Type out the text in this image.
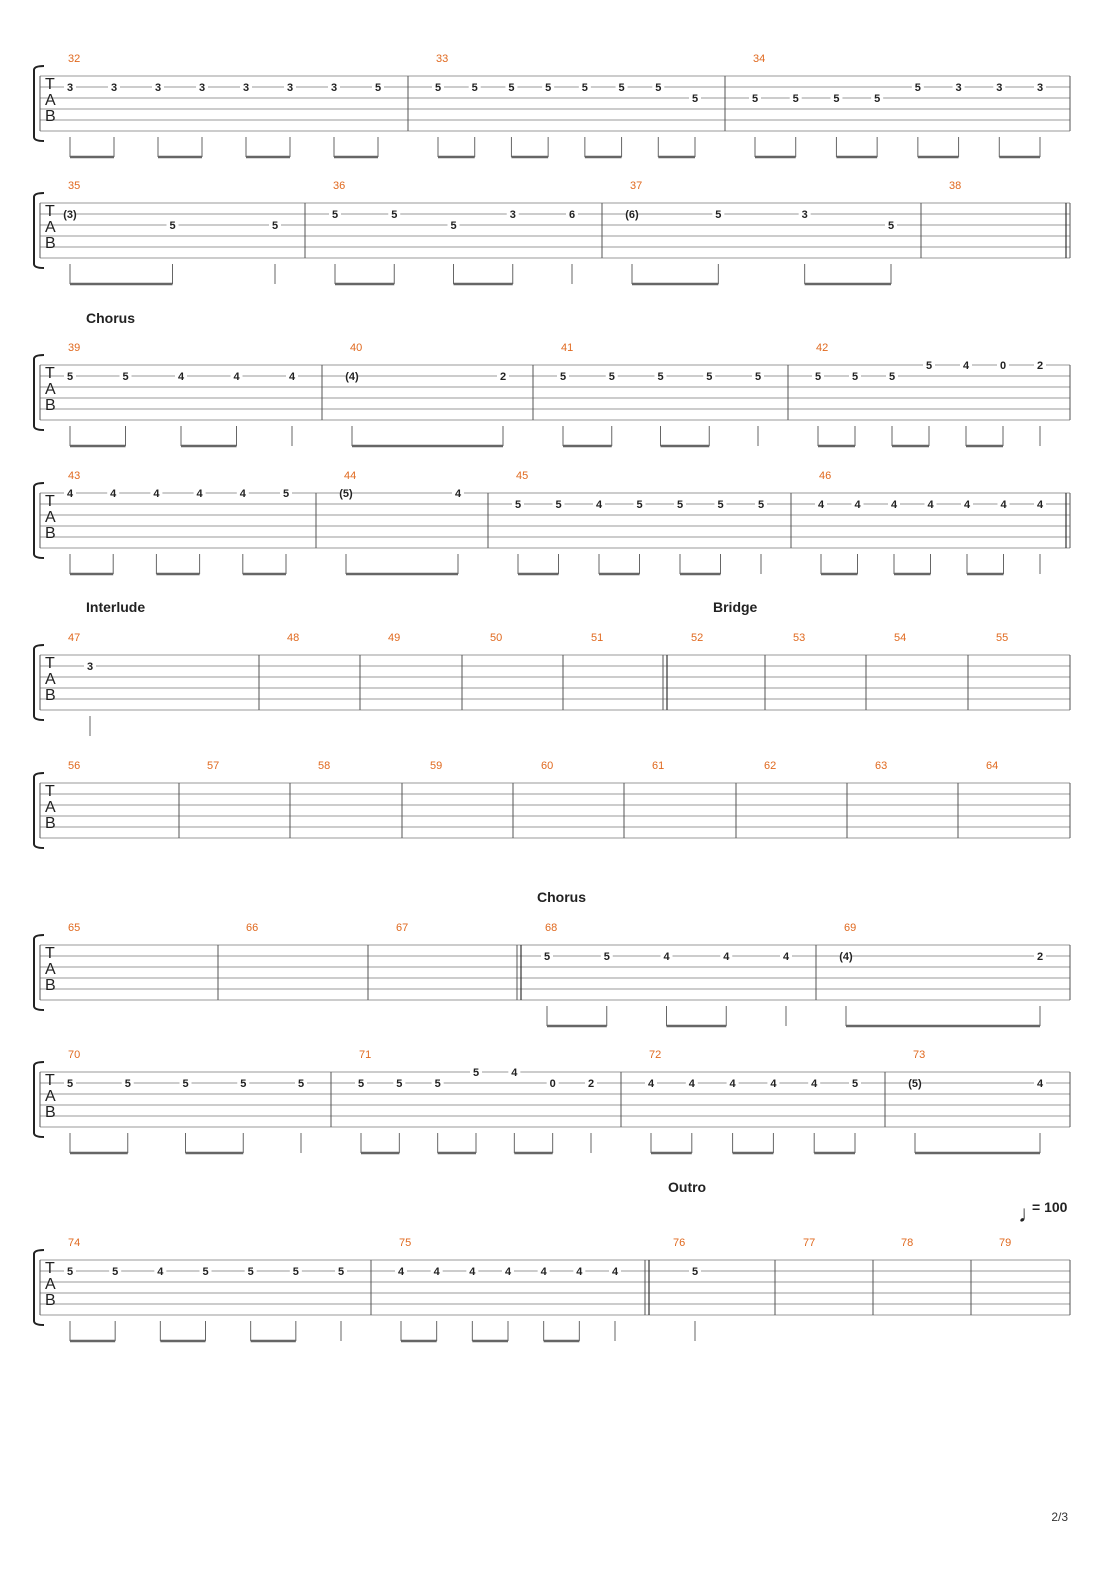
Chorus
Interlude	Bridge
Chorus
Outro
♩
= 100
T
A
B
32
3	3	3	3	3	3	3	5
33
5	5	5	5	5	5	5
5
34
5	5	5	5
5	3	3	3
T
A
B
35
(3)
5	5
36
5	5
5
3	6
37
(6)	5	3
5
38
T
A
B
39
5	5	4	4	4
40
(4)	2
41
5	5	5	5	5
42
5	5	5
5	4	0	2
T
A
B
43
4	4	4	4	4	5
44
(5)	4
45
5	5	4	5	5	5	5
46
4	4	4	4	4	4	4
T
A
B
47
3
48	49	50	51	52	53	54	55
T
A
B
56	57	58	59	60	61	62	63	64
T
A
B
65	66	67	68
5	5	4	4	4
69
(4)	2
T
A
B
70
5	5	5	5	5
71
5	5	5
5	4
0	2
72
4	4	4	4	4	5
73
(5)	4
T
A
B
74
5	5	4	5	5	5	5
75
4	4	4	4	4	4	4
76
5
77	78	79
2/3
